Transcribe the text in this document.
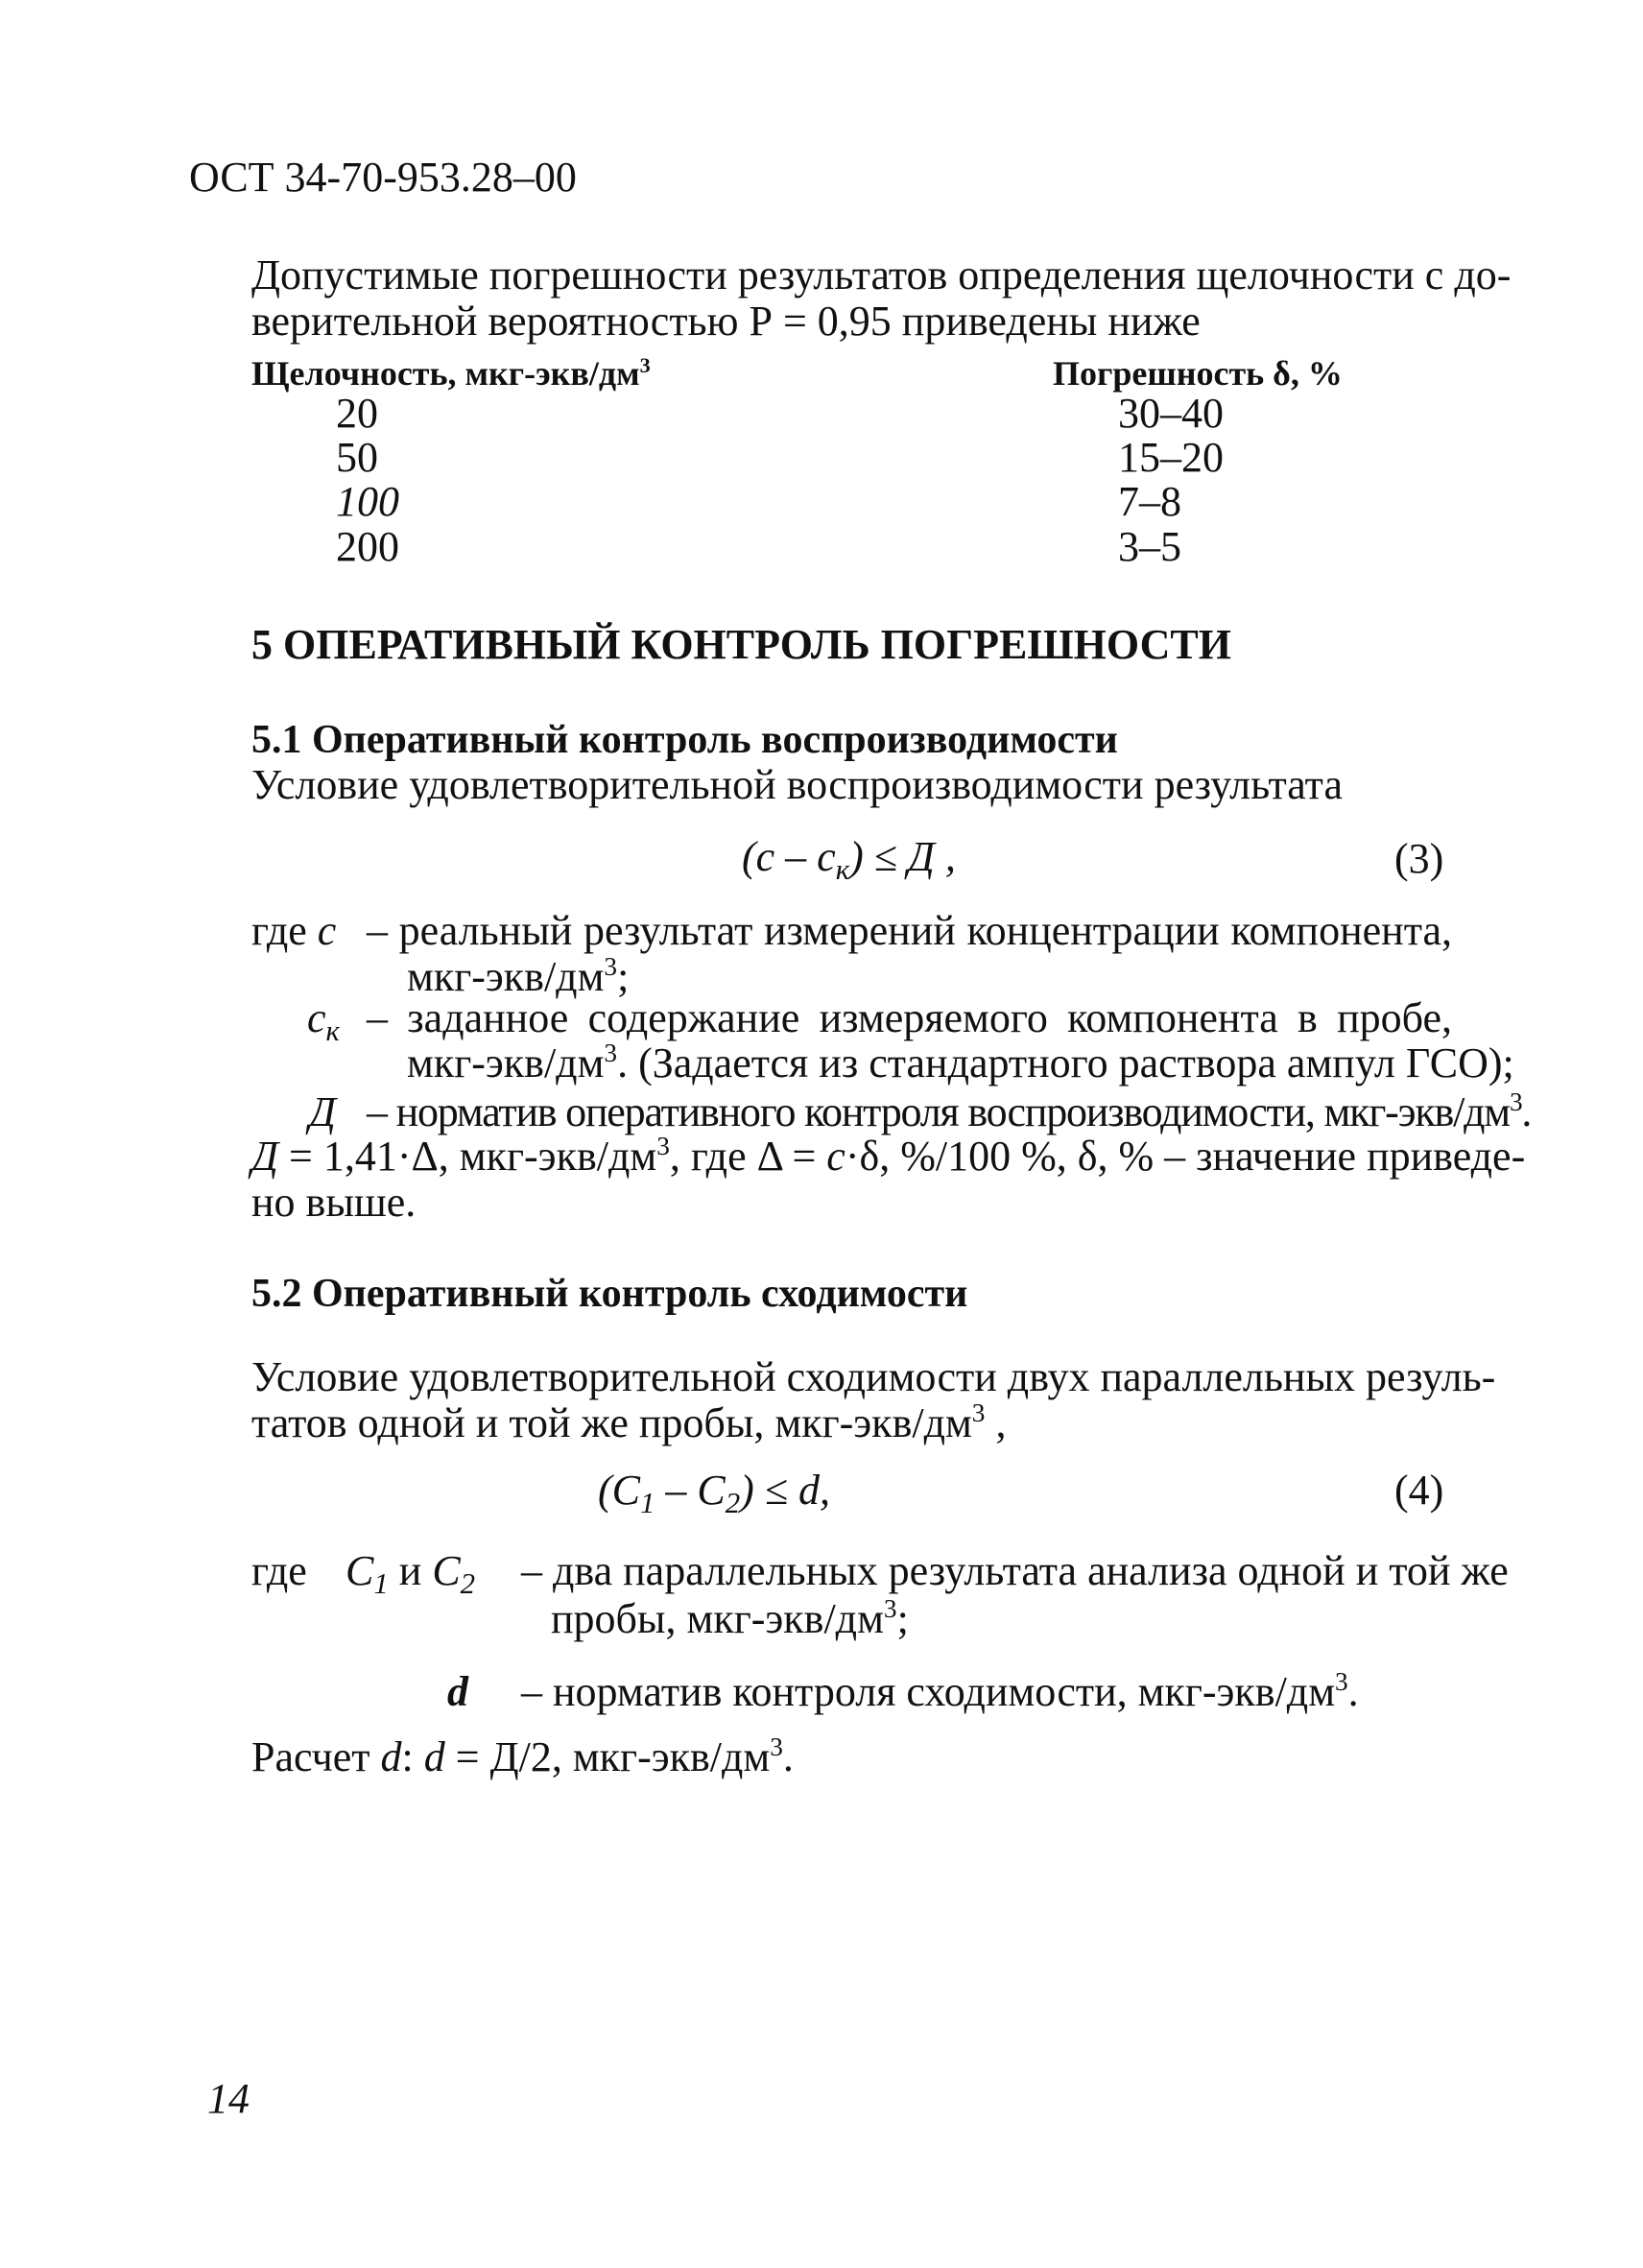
ОСТ 34-70-953.28–00
Допустимые погрешности результатов определения щелочности с до-
верительной вероятностью Р = 0,95 приведены ниже
Щелочность, мкг-$экв/дм^3$	Погрешность δ, %
20	30–40
50	15–20
100	7–8
200	3–5
5 ОПЕРАТИВНЫЙ КОНТРОЛЬ ПОГРЕШНОСТИ
5.1 Оперативный контроль воспроизводимости
Условие удовлетворительной воспроизводимости результата
$(c - c_к) \le Д$ ,	(3)
где c – реальный результат измерений концентрации компонента,
мкг-$экв/дм^3$;
$c_к$ – заданное содержание измеряемого компонента в пробе,
мкг-$экв/дм^3$. (Задается из стандартного раствора ампул ГСО);
Д – норматив оперативного контроля воспроизводимости, мкг-$экв/дм^3$.
Д = 1,41·Δ, мкг-$экв/дм^3$, где Δ = c·δ, %/100 %, δ, % – значение приведе-
но выше.
5.2 Оперативный контроль сходимости
Условие удовлетворительной сходимости двух параллельных резуль-
татов одной и той же пробы, мкг-$экв/дм^3$ ,
$(C_1 - C_2) \le d$,	(4)
где $C_1$ и $C_2$ – два параллельных результата анализа одной и той же
пробы, мкг-$экв/дм^3$;
d – норматив контроля сходимости, мкг-$экв/дм^3$.
Расчет d: d = Д/2, мкг-$экв/дм^3$.
14
